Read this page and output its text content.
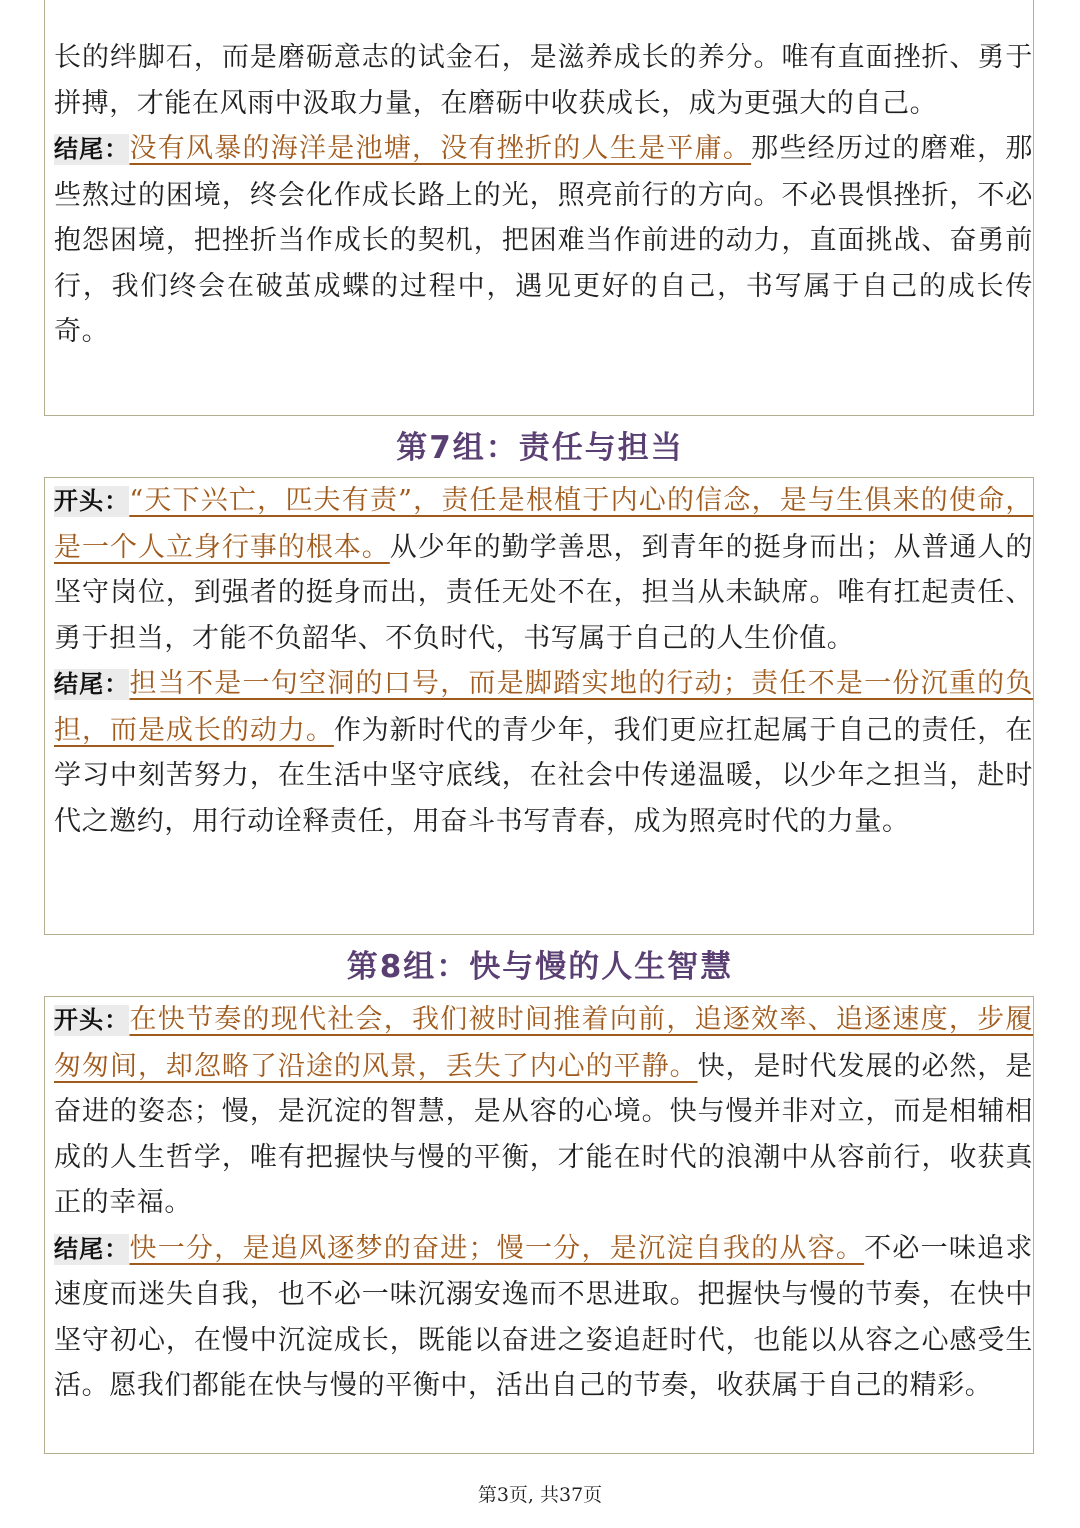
长的绊脚石，而是磨砺意志的试金石，是滋养成长的养分。唯有直面挫折、勇于拼搏，才能在风雨中汲取力量，在磨砺中收获成长，成为更强大的自己。

结尾：没有风暴的海洋是池塘，没有挫折的人生是平庸。那些经历过的磨难，那些熬过的困境，终会化作成长路上的光，照亮前行的方向。不必畏惧挫折，不必抱怨困境，把挫折当作成长的契机，把困难当作前进的动力，直面挑战、奋勇前行，我们终会在破茧成蝶的过程中，遇见更好的自己，书写属于自己的成长传奇。

第7组：责任与担当

开头：“天下兴亡，匹夫有责”，责任是根植于内心的信念，是与生俱来的使命，是一个人立身行事的根本。从少年的勤学善思，到青年的挺身而出；从普通人的坚守岗位，到强者的挺身而出，责任无处不在，担当从未缺席。唯有扛起责任、勇于担当，才能不负韶华、不负时代，书写属于自己的人生价值。

结尾：担当不是一句空洞的口号，而是脚踏实地的行动；责任不是一份沉重的负担，而是成长的动力。作为新时代的青少年，我们更应扛起属于自己的责任，在学习中刻苦努力，在生活中坚守底线，在社会中传递温暖，以少年之担当，赴时代之邀约，用行动诠释责任，用奋斗书写青春，成为照亮时代的力量。

第8组：快与慢的人生智慧

开头：在快节奏的现代社会，我们被时间推着向前，追逐效率、追逐速度，步履匆匆间，却忽略了沿途的风景，丢失了内心的平静。快，是时代发展的必然，是奋进的姿态；慢，是沉淀的智慧，是从容的心境。快与慢并非对立，而是相辅相成的人生哲学，唯有把握快与慢的平衡，才能在时代的浪潮中从容前行，收获真正的幸福。

结尾：快一分，是追风逐梦的奋进；慢一分，是沉淀自我的从容。不必一味追求速度而迷失自我，也不必一味沉溺安逸而不思进取。把握快与慢的节奏，在快中坚守初心，在慢中沉淀成长，既能以奋进之姿追赶时代，也能以从容之心感受生活。愿我们都能在快与慢的平衡中，活出自己的节奏，收获属于自己的精彩。

第3页, 共37页
